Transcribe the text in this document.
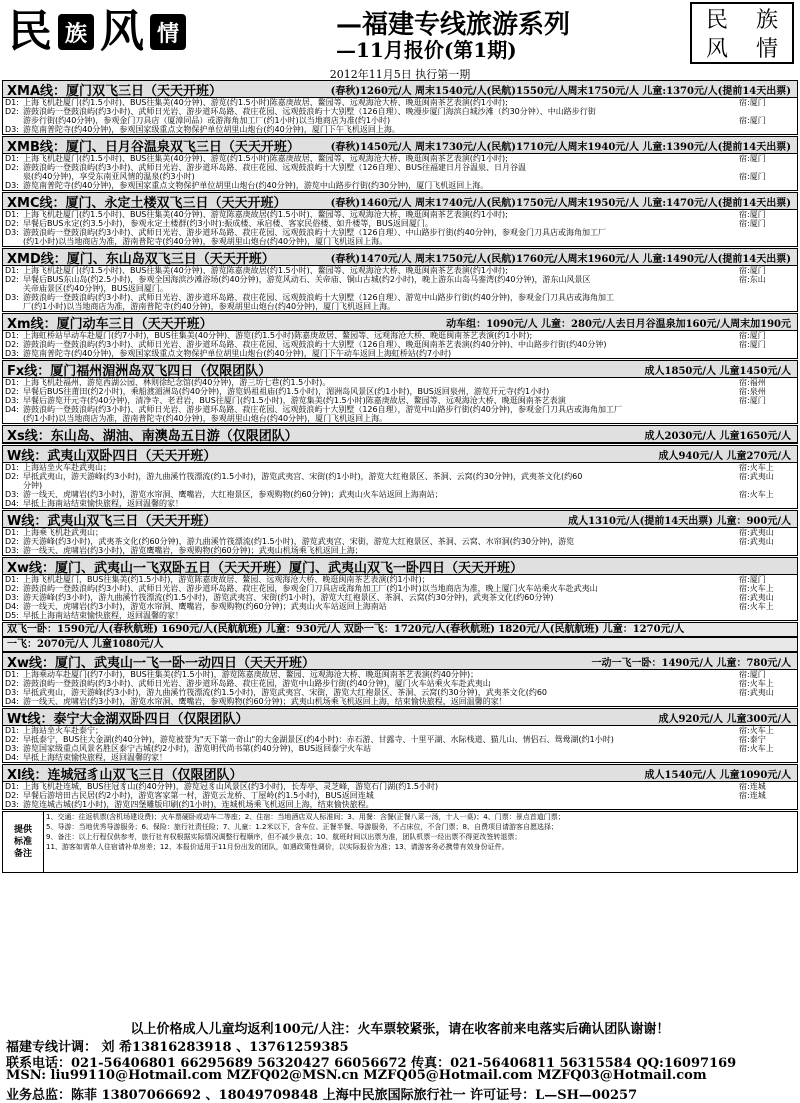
民 族 风 情	—福建专线旅游系列
—11月报价(第1期)
民	族
风	情
2012年11月5日 执行第一期
XMA线：厦门双飞三日（天天开班）	(春秋)1260元/人 周末1540元/人(民航)1550元/人周末1750元/人 儿童:1370元/人(提前14天出票)
D1: 上海飞机赴厦门(约1.5小时)、BUS往集美(40分钟)、游览(约1.5小时)陈嘉庚故居、鳌园等、远观海沧大桥、晚逛闽南茶艺表演(约1小时);	宿:厦门
D2: 游鼓浪屿一登鼓浪屿(约3小时)、武师日光岩、游步道环岛路、菽庄花园、远观鼓浪屿十大别墅（126自理）、晚漫步厦门海滨白城沙滩（约30分钟）、中山路步行街
游步行街(约40分钟)，参观金门刀具店（厦漳同品）或游海角加工厂(约1小时)以当地商店为准(约1小时)	宿:厦门
D3: 游览南普陀寺(约40分钟)，参观国家级重点文物保护单位胡里山炮台(约40分钟)，厦门下午飞机返回上海。
XMB线：厦门、日月谷温泉双飞三日（天天开班）	(春秋)1450元/人 周末1730元/人(民航)1710元/人周末1940元/人 儿童:1390元/人(提前14天出票)
D1: 上海飞机赴厦门(约1.5小时)、BUS往集美(40分钟)、游览(约1.5小时)陈嘉庚故居、鳌园等、远观海沧大桥、晚逛闽南茶艺表演(约1小时);	宿:厦门
D2: 游鼓浪屿一登鼓浪屿(约3小时)、武师日光岩、游步道环岛路、菽庄花园、远观鼓浪屿十大别墅（126自理）、BUS往福建日月谷温泉、日月谷温
泉(约40分钟)，享受东南亚风情的温泉(约3小时)	宿:厦门
D3: 游览南普陀寺(约40分钟)，参观国家重点文物保护单位胡里山炮台(约40分钟)，游览中山路步行街(约30分钟)，厦门飞机返回上海。
XMC线：厦门、永定土楼双飞三日（天天开班）	(春秋)1460元/人 周末1740元/人(民航)1750元/人周末1950元/人 儿童:1470元/人(提前14天出票)
D1: 上海飞机赴厦门(约1.5小时)、BUS往集美(40分钟)、游览陈嘉庚故居(约1.5小时)、鳌园等、远观海沧大桥、晚逛闽南茶艺表演(约1小时);	宿:厦门
D2: 早餐后BUS永定(约3.5小时)，参观永定土楼群(约3小时):振成楼、承启楼、客家民俗楼、如升楼等，BUS返回厦门。	宿:厦门
D3: 游鼓浪屿一登鼓浪屿(约3小时)、武师日光岩、游步道环岛路、菽庄花园、远观鼓浪屿十大别墅（126自理）、中山路步行街(约40分钟)，参观金门刀具店或海角加工厂
(约1小时)以当地商店为准，游南普陀寺(约40分钟)，参观胡里山炮台(约40分钟)，厦门飞机返回上海。
XMD线：厦门、东山岛双飞三日（天天开班）	(春秋)1470元/人 周末1750元/人(民航)1760元/人周末1960元/人 儿童:1490元/人(提前14天出票)
D1: 上海飞机赴厦门(约1.5小时)、BUS往集美(40分钟)、游览陈嘉庚故居(约1.5小时)、鳌园等、远观海沧大桥、晚逛闽南茶艺表演(约1小时);	宿:厦门
D2: 早餐后BUS东山岛(约2.5小时)，参观全国海滨沙滩浴场(约40分钟)，游览风动石、关帝庙、铜山古城(约2小时)，晚上游东山岛马銮湾(约40分钟)，游东山风景区	宿:东山
关帝庙景区(约40分钟)，BUS返回厦门。
D3: 游鼓浪屿一登鼓浪屿(约3小时)、武师日光岩、游步道环岛路、菽庄花园、远观鼓浪屿十大别墅（126自理）、游览中山路步行街(约40分钟)，参观金门刀具店或海角加工
厂(约1小时)以当地商店为准，游南普陀寺(约40分钟)，参观胡里山炮台(约40分钟)，厦门飞机返回上海。
Xm线：厦门动车三日（天天开班）	动车组：1090元/人 儿童：280元/人去日月谷温泉加160元/人周末加190元
D1: 上海虹桥站早动车赴厦门(约7小时)，BUS往集美(40分钟)、游览(约1.5小时)陈嘉庚故居、鳌园等、远观海沧大桥、晚逛闽南茶艺表演(约1小时);	宿:厦门
D2: 游鼓浪屿一登鼓浪屿(约3小时)、武师日光岩、游步道环岛路、菽庄花园、远观鼓浪屿十大别墅（126自理）、晚逛闽南茶艺表演(约40分钟)、中山路步行街(约40分钟)	宿:厦门
D3: 游览南普陀寺(约40分钟)，参观国家级重点文物保护单位胡里山炮台(约40分钟)，厦门下午动车返回上海虹桥站(约7小时)
Fx线：厦门福州湄洲岛双飞四日（仅限团队）	成人1850元/人 儿童1450元/人
D1: 上海飞机赴福州，游览西湖公园、林则徐纪念馆(约40分钟)，游三坊七巷(约1.5小时)。	宿:福州
D2: 早餐后BUS往莆田(约2小时)，乘船渡湄洲岛(约40分钟)，游览妈祖祖庙(约1.5小时)，湄洲岛风景区(约1小时)，BUS返回泉州，游览开元寺(约1小时)	宿:泉州
D3: 早餐后游览开元寺(约40分钟)，清净寺、老君岩，BUS往厦门(约1.5小时)，游览集美(约1.5小时)陈嘉庚故居、鳌园等、远观海沧大桥、晚逛闽南茶艺表演	宿:厦门
D4: 游鼓浪屿一登鼓浪屿(约3小时)、武师日光岩、游步道环岛路、菽庄花园、远观鼓浪屿十大别墅（126自理），游览中山路步行街(约40分钟)，参观金门刀具店或海角加工厂
(约1小时)以当地商店为准，游南普陀寺(约40分钟)，参观胡里山炮台(约40分钟)，厦门飞机返回上海。
Xs线：东山岛、湖油、南澳岛五日游（仅限团队）	成人2030元/人 儿童1650元/人
W线：武夷山双卧四日（天天开班）	成人940元/人 儿童270元/人
D1: 上海站坐火车赴武夷山；	宿:火车上
D2: 早抵武夷山，游天游峰(约3小时)，游九曲溪竹筏漂流(约1.5小时)，游览武夷宫、宋街(约1小时)，游览大红袍景区、茶洞、云窝(约30分钟)，武夷茶文化(约60	宿:武夷山
分钟)
D3: 游一线天、虎啸岩(约3小时)，游览水帘洞、鹰嘴岩，大红袍景区，参观购物(约60分钟)；武夷山火车站返回上海南站；	宿:火车上
D4: 早抵上海南站结束愉快旅程，返回温馨的家！
W线：武夷山双飞三日（天天开班）	成人1310元/人(提前14天出票) 儿童：900元/人
D1: 上海乘飞机赴武夷山；	宿:武夷山
D2: 游天游峰(约3小时)，武夷茶文化(约60分钟)，游九曲溪竹筏漂流(约1.5小时)，游览武夷宫、宋街，游览大红袍景区、茶洞、云窝、水帘洞(约30分钟)，游览	宿:武夷山
D3: 游一线天、虎啸岩(约3小时)，游览鹰嘴岩，参观购物(约60分钟)；武夷山机场乘飞机返回上海；
Xw线：厦门、武夷山一飞双卧五日（天天开班）厦门、武夷山双飞一卧四日（天天开班）
D1: 上海飞机赴厦门，BUS往集美(约1.5小时)，游览陈嘉庚故居、鳌园、远观海沧大桥、晚逛闽南茶艺表演(约1小时)；	宿:厦门
D2: 游鼓浪屿一登鼓浪屿(约3小时)、武师日光岩、游步道环岛路、菽庄花园，参观金门刀具店或海角加工厂(约1小时)以当地商店为准，晚上厦门火车站乘火车赴武夷山	宿:火车上
D3: 游天游峰(约3小时)，游九曲溪竹筏漂流(约1.5小时)，游览武夷宫、宋街(约1小时)，游览大红袍景区、茶洞、云窝(约30分钟)，武夷茶文化(约60分钟)	宿:武夷山
D4: 游一线天、虎啸岩(约3小时)，游览水帘洞、鹰嘴岩，参观购物(约60分钟)；武夷山火车站返回上海南站	宿:火车上
D5: 早抵上海南站结束愉快旅程，返回温馨的家！
双飞一卧：1590元/人(春秋航班) 1690元/人(民航航班) 儿童：930元/人 双卧一飞：1720元/人(春秋航班) 1820元/人(民航航班) 儿童：1270元/人
一飞：2070元/人 儿童1080元/人
Xw线：厦门、武夷山一飞一卧一动四日（天天开班）	一动一飞一卧：1490元/人 儿童：780元/人
D1: 上海乘动车赴厦门(约7小时)，BUS往集美(约1.5小时)，游览陈嘉庚故居、鳌园、远观海沧大桥、晚逛闽南茶艺表演(约40分钟)；	宿:厦门
D2: 游鼓浪屿一登鼓浪屿(约3小时)、武师日光岩、游步道环岛路、菽庄花园，游览中山路步行街(约40分钟)，厦门火车站乘火车赴武夷山	宿:火车上
D3: 早抵武夷山，游天游峰(约3小时)，游九曲溪竹筏漂流(约1.5小时)，游览武夷宫、宋街，游览大红袍景区、茶洞、云窝(约30分钟)，武夷茶文化(约60	宿:武夷山
D4: 游一线天、虎啸岩(约3小时)，游览水帘洞、鹰嘴岩，参观购物(约60分钟)；武夷山机场乘飞机返回上海，结束愉快旅程，返回温馨的家！
Wt线：泰宁大金湖双卧四日（仅限团队）	成人920元/人 儿童300元/人
D1: 上海站坐火车赴泰宁；	宿:火车上
D2: 早抵泰宁，BUS往大金湖(约40分钟)，游览被誉为"天下第一奇山"的大金湖景区(约4小时)：赤石游、甘露寺、十里平湖、水际栈道、猫儿山、情侣石、鸳鸯湖(约1小时)	宿:泰宁
D3: 游览国家级重点风景名胜区泰宁古城(约2小时)，游览明代尚书第(约40分钟)，BUS返回泰宁火车站	宿:火车上
D4: 早抵上海结束愉快旅程，返回温馨的家！
Xl线：连城冠豸山双飞三日（仅限团队）	成人1540元/人 儿童1090元/人
D1: 上海飞机赴连城，BUS往冠豸山(约40分钟)，游览冠豸山风景区(约3小时)，长寿亭、灵芝峰，游览石门湖(约1.5小时)	宿:连城
D2: 早餐后游培田古民居(约2小时)，游览客家第一村，游览云龙桥、丁屋岭(约1.5小时)，BUS返回连城	宿:连城
D3: 游览连城古城(约1小时)，游览四堡雕版印刷(约1小时)，连城机场乘飞机返回上海，结束愉快旅程。
提供
标准
备注
1、交通：往返机票(含机场建设费)；火车票硬卧或动车二等座；2、住宿：当地酒店双人标准间；3、用餐：含餐(正餐八菜一汤，十人一桌)；4、门票：景点首道门票；
5、导游：当地优秀导游服务；6、保险：旅行社责任险；7、儿童：1.2米以下，含车位、正餐半餐、导游服务，不占床位，不含门票；8、自费项目请游客自愿选择；
9、备注：以上行程仅供参考，旅行社有权根据实际情况调整行程顺序，但不减少景点；10、航班时间以出票为准，团队机票一经出票不得更改签转退票；
11、游客如需单人住宿请补单房差；12、本报价适用于11月份出发的团队，如遇政策性调价，以实际报价为准；13、请游客务必携带有效身份证件。
以上价格成人儿童均返利100元/人注：火车票较紧张，请在收客前来电落实后确认团队谢谢！
福建专线计调： 刘 希13816283918 、13761259385
联系电话：021-56406801 66295689 56320427 66056672 传真：021-56406811 56315584 QQ:16097169
MSN: liu99110@Hotmail.com MZFQ02@MSN.cn MZFQ05@Hotmail.com MZFQ03@Hotmail.com
业务总监：陈菲 13807066692 、18049709848 上海中民旅国际旅行社一 许可证号：L—SH—00257
